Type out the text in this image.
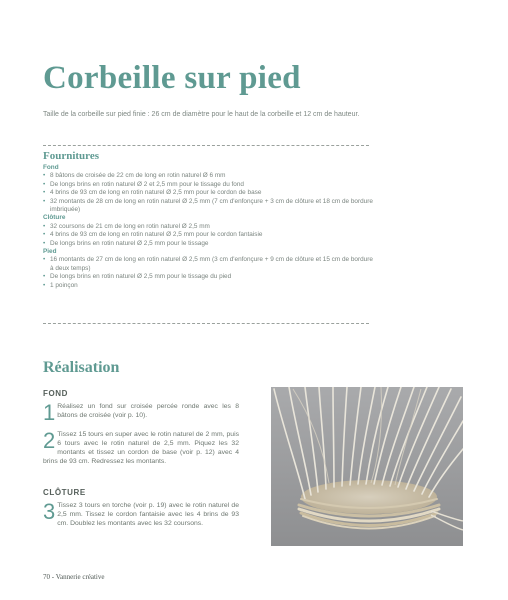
Corbeille sur pied
Taille de la corbeille sur pied finie : 26 cm de diamètre pour le haut de la corbeille et 12 cm de hauteur.
Fournitures
Fond
• 8 bâtons de croisée de 22 cm de long en rotin naturel Ø 6 mm
• De longs brins en rotin naturel Ø 2 et 2,5 mm pour le tissage du fond
• 4 brins de 93 cm de long en rotin naturel Ø 2,5 mm pour le cordon de base
• 32 montants de 28 cm de long en rotin naturel Ø 2,5 mm (7 cm d'enfonçure + 3 cm de clôture et 18 cm de bordure imbriquée)
Clôture
• 32 coursons de 21 cm de long en rotin naturel Ø 2,5 mm
• 4 brins de 93 cm de long en rotin naturel Ø 2,5 mm pour le cordon fantaisie
• De longs brins en rotin naturel Ø 2,5 mm pour le tissage
Pied
• 16 montants de 27 cm de long en rotin naturel Ø 2,5 mm (3 cm d'enfonçure + 9 cm de clôture et 15 cm de bordure à deux temps)
• De longs brins en rotin naturel Ø 2,5 mm pour le tissage du pied
• 1 poinçon
Réalisation
FOND
1 Réalisez un fond sur croisée percée ronde avec les 8 bâtons de croisée (voir p. 10).
2 Tissez 15 tours en super avec le rotin naturel de 2 mm, puis 6 tours avec le rotin naturel de 2,5 mm. Piquez les 32 montants et tissez un cordon de base (voir p. 12) avec 4 brins de 93 cm. Redressez les montants.
CLÔTURE
3 Tissez 3 tours en torche (voir p. 19) avec le rotin naturel de 2,5 mm. Tissez le cordon fantaisie avec les 4 brins de 93 cm. Doublez les montants avec les 32 coursons.
70 - Vannerie créative
